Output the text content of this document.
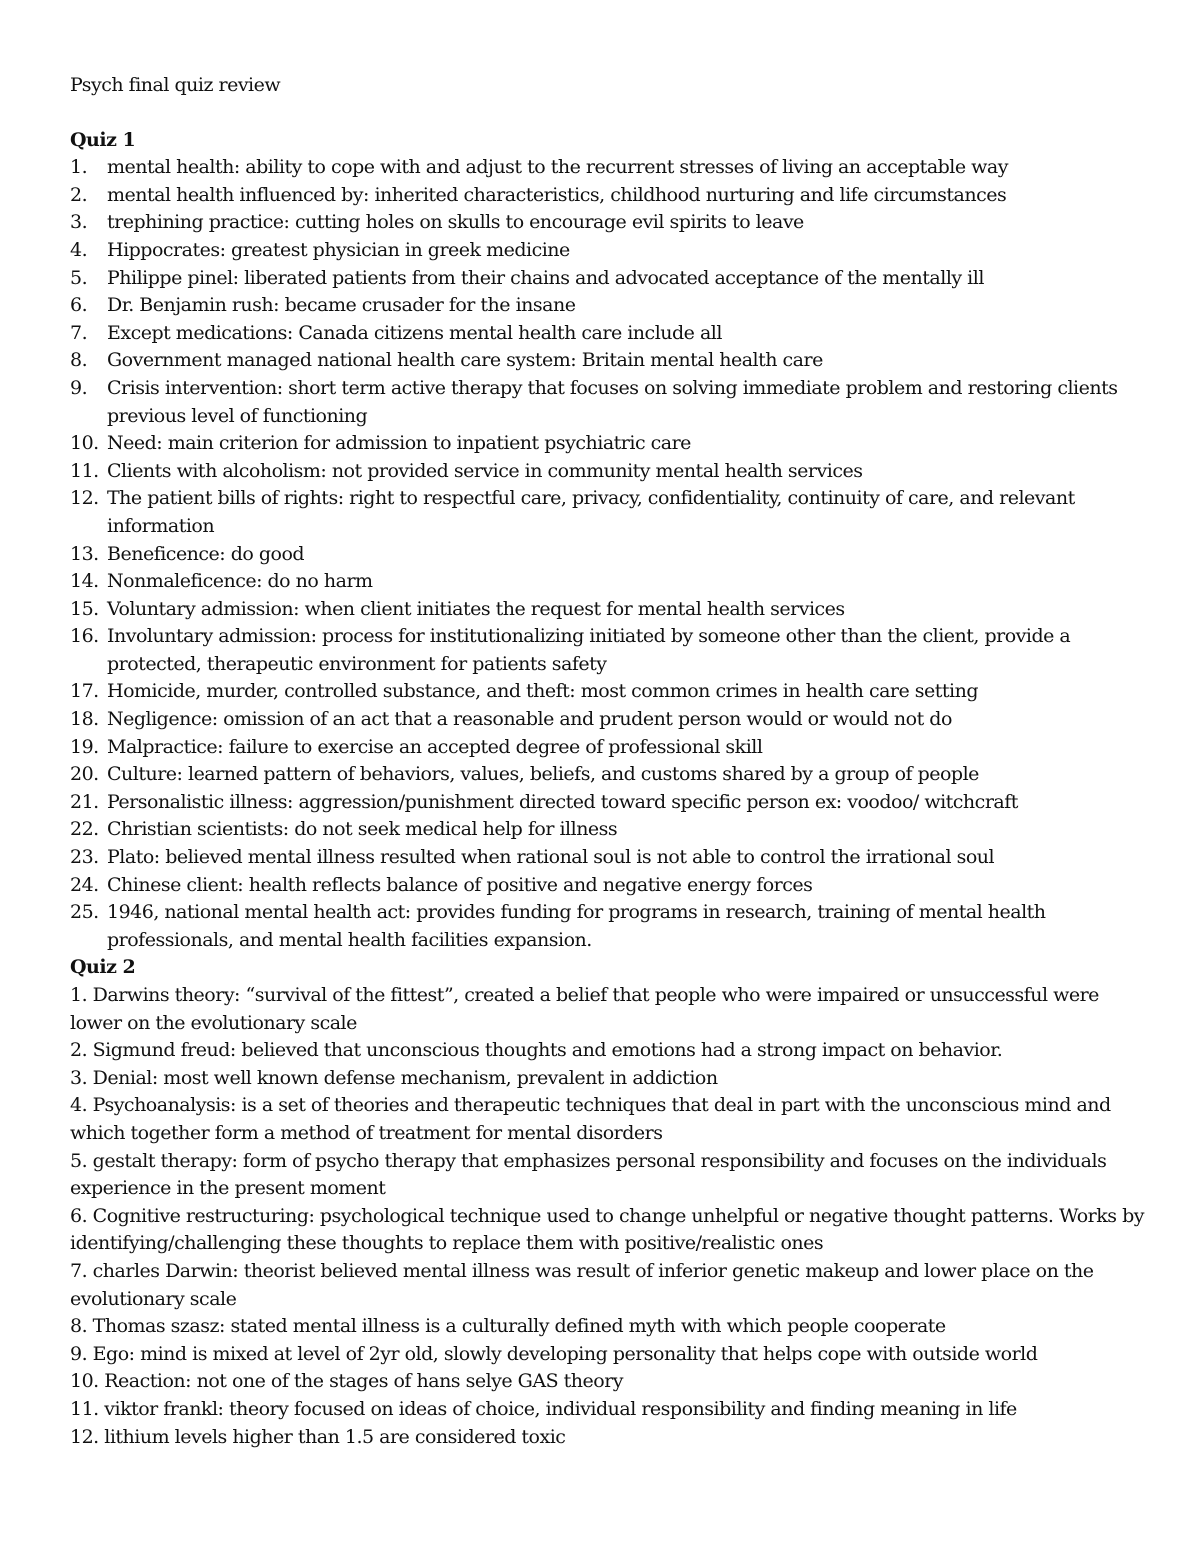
Psych final quiz review
Quiz 1
1. mental health: ability to cope with and adjust to the recurrent stresses of living an acceptable way
2. mental health influenced by: inherited characteristics, childhood nurturing and life circumstances
3. trephining practice: cutting holes on skulls to encourage evil spirits to leave
4. Hippocrates: greatest physician in greek medicine
5. Philippe pinel: liberated patients from their chains and advocated acceptance of the mentally ill
6. Dr. Benjamin rush: became crusader for the insane
7. Except medications: Canada citizens mental health care include all
8. Government managed national health care system: Britain mental health care
9. Crisis intervention: short term active therapy that focuses on solving immediate problem and restoring clients previous level of functioning
10. Need: main criterion for admission to inpatient psychiatric care
11. Clients with alcoholism: not provided service in community mental health services
12. The patient bills of rights: right to respectful care, privacy, confidentiality, continuity of care, and relevant information
13. Beneficence: do good
14. Nonmaleficence: do no harm
15. Voluntary admission: when client initiates the request for mental health services
16. Involuntary admission: process for institutionalizing initiated by someone other than the client, provide a protected, therapeutic environment for patients safety
17. Homicide, murder, controlled substance, and theft: most common crimes in health care setting
18. Negligence: omission of an act that a reasonable and prudent person would or would not do
19. Malpractice: failure to exercise an accepted degree of professional skill
20. Culture: learned pattern of behaviors, values, beliefs, and customs shared by a group of people
21. Personalistic illness: aggression/punishment directed toward specific person ex: voodoo/ witchcraft
22. Christian scientists: do not seek medical help for illness
23. Plato: believed mental illness resulted when rational soul is not able to control the irrational soul
24. Chinese client: health reflects balance of positive and negative energy forces
25. 1946, national mental health act: provides funding for programs in research, training of mental health professionals, and mental health facilities expansion.
Quiz 2

1. Darwins theory: “survival of the fittest”, created a belief that people who were impaired or unsuccessful were lower on the evolutionary scale

2. Sigmund freud: believed that unconscious thoughts and emotions had a strong impact on behavior.

3. Denial: most well known defense mechanism, prevalent in addiction

4. Psychoanalysis: is a set of theories and therapeutic techniques that deal in part with the unconscious mind and which together form a method of treatment for mental disorders

5. gestalt therapy: form of psycho therapy that emphasizes personal responsibility and focuses on the individuals experience in the present moment

6. Cognitive restructuring: psychological technique used to change unhelpful or negative thought patterns. Works by identifying/challenging these thoughts to replace them with positive/realistic ones

7. charles Darwin: theorist believed mental illness was result of inferior genetic makeup and lower place on the evolutionary scale

8. Thomas szasz: stated mental illness is a culturally defined myth with which people cooperate

9. Ego: mind is mixed at level of 2yr old, slowly developing personality that helps cope with outside world

10. Reaction: not one of the stages of hans selye GAS theory

11. viktor frankl: theory focused on ideas of choice, individual responsibility and finding meaning in life

12. lithium levels higher than 1.5 are considered toxic
